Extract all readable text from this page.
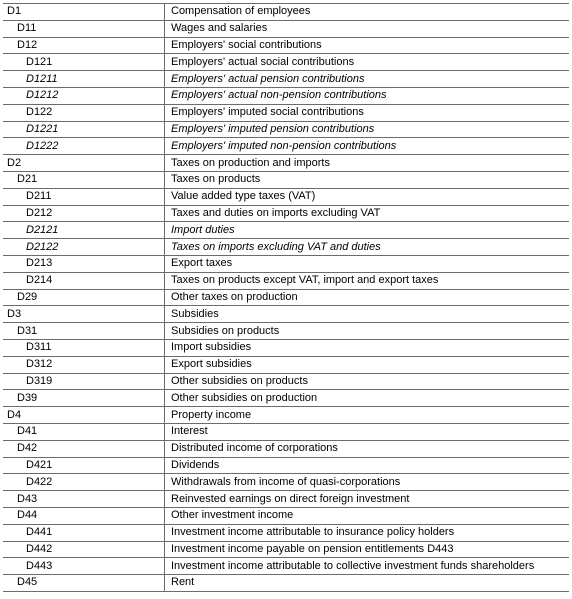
D1	Compensation of employees
D11	Wages and salaries
D12	Employers' social contributions
D121	Employers' actual social contributions
D1211	Employers' actual pension contributions
D1212	Employers' actual non-pension contributions
D122	Employers' imputed social contributions
D1221	Employers' imputed pension contributions
D1222	Employers' imputed non-pension contributions
D2	Taxes on production and imports
D21	Taxes on products
D211	Value added type taxes (VAT)
D212	Taxes and duties on imports excluding VAT
D2121	Import duties
D2122	Taxes on imports excluding VAT and duties
D213	Export taxes
D214	Taxes on products except VAT, import and export taxes
D29	Other taxes on production
D3	Subsidies
D31	Subsidies on products
D311	Import subsidies
D312	Export subsidies
D319	Other subsidies on products
D39	Other subsidies on production
D4	Property income
D41	Interest
D42	Distributed income of corporations
D421	Dividends
D422	Withdrawals from income of quasi-corporations
D43	Reinvested earnings on direct foreign investment
D44	Other investment income
D441	Investment income attributable to insurance policy holders
D442	Investment income payable on pension entitlements D443
D443	Investment income attributable to collective investment funds shareholders
D45	Rent
